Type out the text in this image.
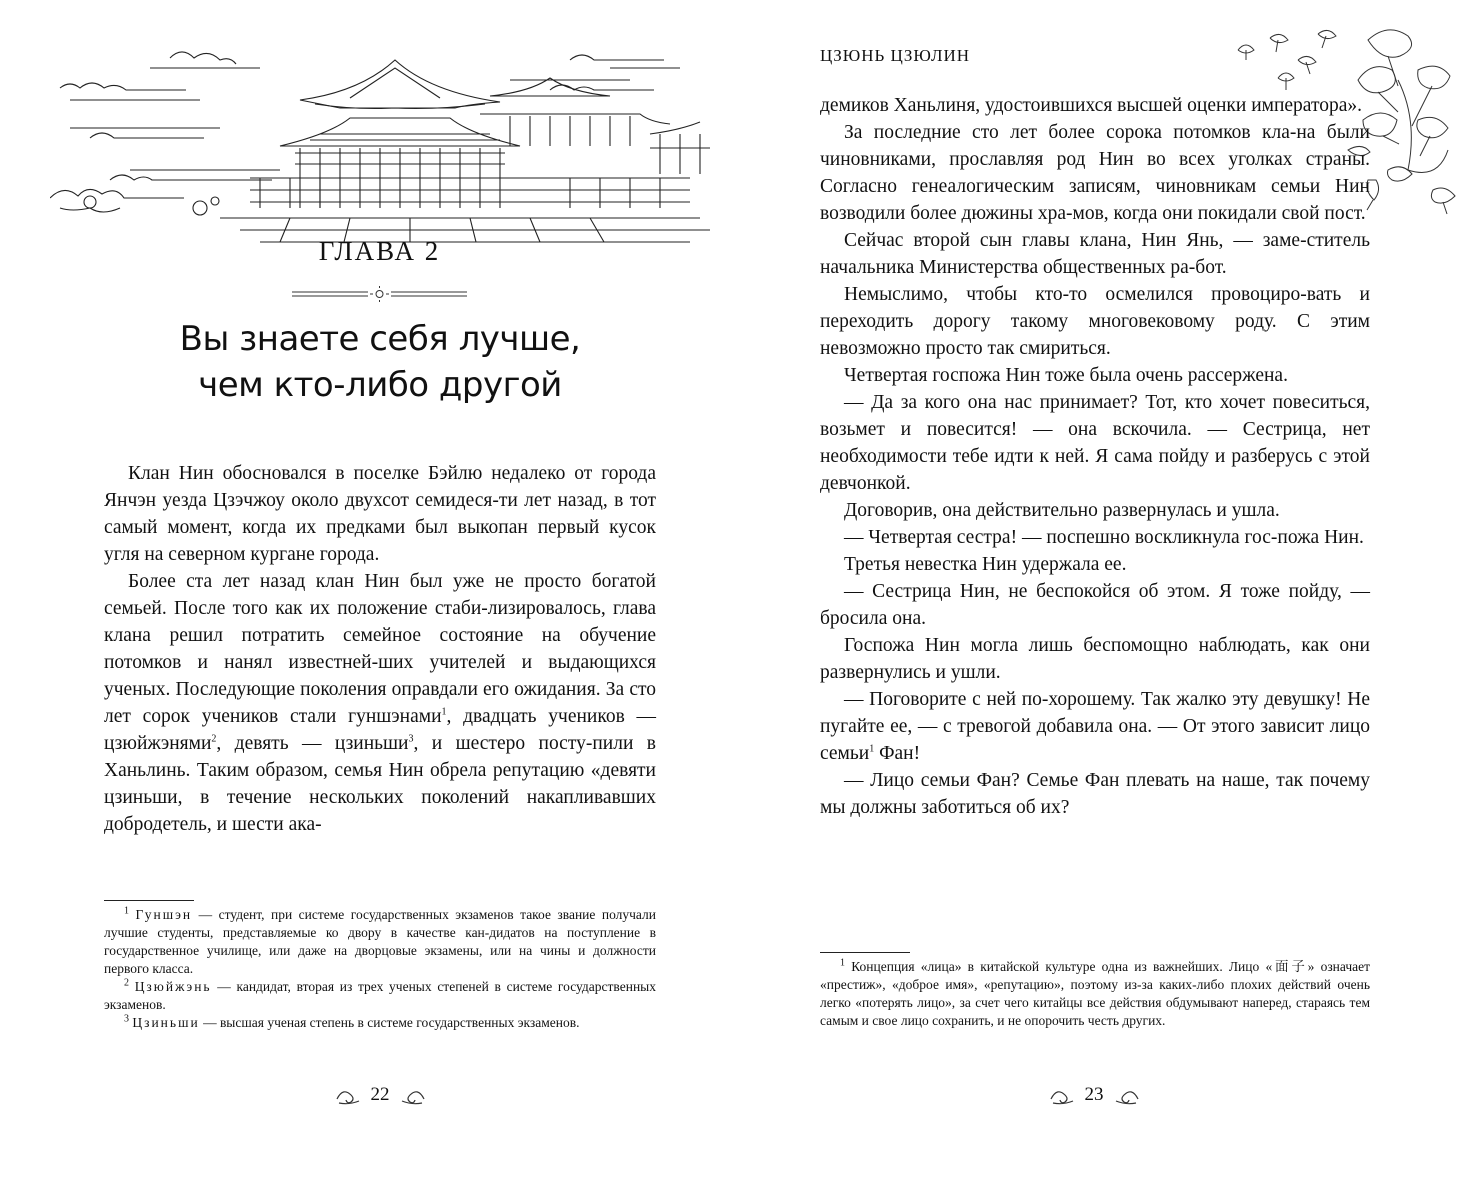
ГЛАВА 2
Вы знаете себя лучше,
чем кто-либо другой

Клан Нин обосновался в поселке Бэйлю недалеко от города Янчэн уезда Цзэчжоу около двухсот семидеся-ти лет назад, в тот самый момент, когда их предками был выкопан первый кусок угля на северном кургане города.

Более ста лет назад клан Нин был уже не просто богатой семьей. После того как их положение стаби-лизировалось, глава клана решил потратить семейное состояние на обучение потомков и нанял известней-ших учителей и выдающихся ученых. Последующие поколения оправдали его ожидания. За сто лет сорок учеников стали гуншэнами$^1$, двадцать учеников — цзюйжэнями$^2$, девять — цзиньши$^3$, и шестеро посту-пили в Ханьлинь. Таким образом, семья Нин обрела репутацию «девяти цзиньши, в течение нескольких поколений накапливавших добродетель, и шести ака-

$^1$ Гуншэн — студент, при системе государственных экзаменов такое звание получали лучшие студенты, представляемые ко двору в качестве кан-дидатов на поступление в государственное училище, или даже на дворцовые экзамены, или на чины и должности первого класса.

$^2$ Цзюйжэнь — кандидат, вторая из трех ученых степеней в системе государственных экзаменов.

$^3$ Цзиньши — высшая ученая степень в системе государственных экзаменов.

22
ЦЗЮНЬ ЦЗЮЛИН

демиков Ханьлиня, удостоившихся высшей оценки императора».

За последние сто лет более сорока потомков кла-на были чиновниками, прославляя род Нин во всех уголках страны. Согласно генеалогическим записям, чиновникам семьи Нин возводили более дюжины хра-мов, когда они покидали свой пост.

Сейчас второй сын главы клана, Нин Янь, — заме-ститель начальника Министерства общественных ра-бот.

Немыслимо, чтобы кто-то осмелился провоциро-вать и переходить дорогу такому многовековому роду. С этим невозможно просто так смириться.

Четвертая госпожа Нин тоже была очень рассержена.

— Да за кого она нас принимает? Тот, кто хочет повеситься, возьмет и повесится! — она вскочила. — Сестрица, нет необходимости тебе идти к ней. Я сама пойду и разберусь с этой девчонкой.

Договорив, она действительно развернулась и ушла.

— Четвертая сестра! — поспешно воскликнула гос-пожа Нин.

Третья невестка Нин удержала ее.

— Сестрица Нин, не беспокойся об этом. Я тоже пойду, — бросила она.

Госпожа Нин могла лишь беспомощно наблюдать, как они развернулись и ушли.

— Поговорите с ней по-хорошему. Так жалко эту девушку! Не пугайте ее, — с тревогой добавила она. — От этого зависит лицо семьи$^1$ Фан!

— Лицо семьи Фан? Семье Фан плевать на наше, так почему мы должны заботиться об их?

$^1$ Концепция «лица» в китайской культуре одна из важнейших. Лицо «面子» означает «престиж», «доброе имя», «репутацию», поэтому из-за каких-либо плохих действий очень легко «потерять лицо», за счет чего китайцы все действия обдумывают наперед, стараясь тем самым и свое лицо сохранить, и не опорочить честь других.

23
